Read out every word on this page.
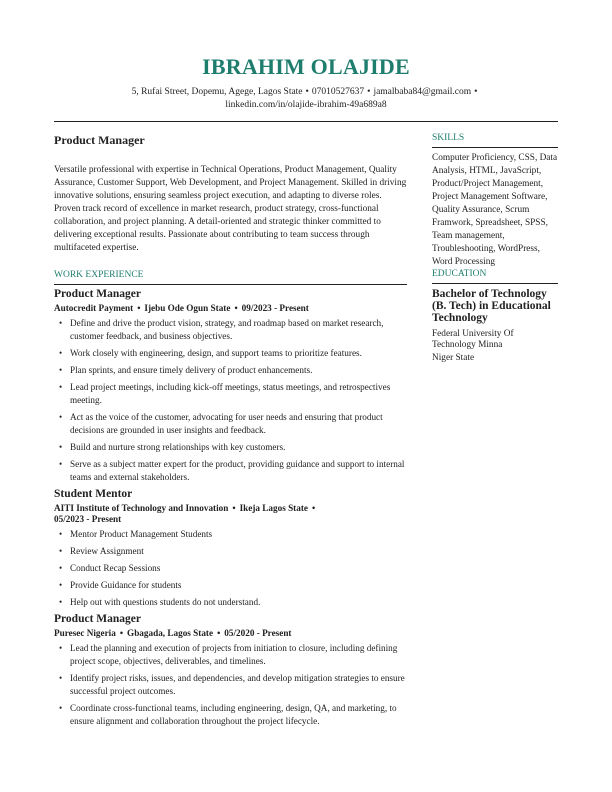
IBRAHIM OLAJIDE
5, Rufai Street, Dopemu, Agege, Lagos State • 07010527637 • jamalbaba84@gmail.com •
linkedin.com/in/olajide-ibrahim-49a689a8
Product Manager

Versatile professional with expertise in Technical Operations, Product Management, Quality Assurance, Customer Support, Web Development, and Project Management. Skilled in driving innovative solutions, ensuring seamless project execution, and adapting to diverse roles. Proven track record of excellence in market research, product strategy, cross-functional collaboration, and project planning. A detail-oriented and strategic thinker committed to delivering exceptional results. Passionate about contributing to team success through multifaceted expertise.

WORK EXPERIENCE
Product Manager
Autocredit Payment • Ijebu Ode Ogun State • 09/2023 - Present
• Define and drive the product vision, strategy, and roadmap based on market research, customer feedback, and business objectives.
• Work closely with engineering, design, and support teams to prioritize features.
• Plan sprints, and ensure timely delivery of product enhancements.
• Lead project meetings, including kick-off meetings, status meetings, and retrospectives meeting.
• Act as the voice of the customer, advocating for user needs and ensuring that product decisions are grounded in user insights and feedback.
• Build and nurture strong relationships with key customers.
• Serve as a subject matter expert for the product, providing guidance and support to internal teams and external stakeholders.
Student Mentor
AITI Institute of Technology and Innovation • Ikeja Lagos State •
05/2023 - Present
• Mentor Product Management Students
• Review Assignment
• Conduct Recap Sessions
• Provide Guidance for students
• Help out with questions students do not understand.
Product Manager
Puresec Nigeria • Gbagada, Lagos State • 05/2020 - Present
• Lead the planning and execution of projects from initiation to closure, including defining project scope, objectives, deliverables, and timelines.
• Identify project risks, issues, and dependencies, and develop mitigation strategies to ensure successful project outcomes.
• Coordinate cross-functional teams, including engineering, design, QA, and marketing, to ensure alignment and collaboration throughout the project lifecycle.
SKILLS
Computer Proficiency, CSS, Data Analysis, HTML, JavaScript, Product/Project Management, Project Management Software, Quality Assurance, Scrum Framwork, Spreadsheet, SPSS, Team management, Troubleshooting, WordPress, Word Processing
EDUCATION
Bachelor of Technology (B. Tech) in Educational Technology
Federal University Of Technology Minna
Niger State
